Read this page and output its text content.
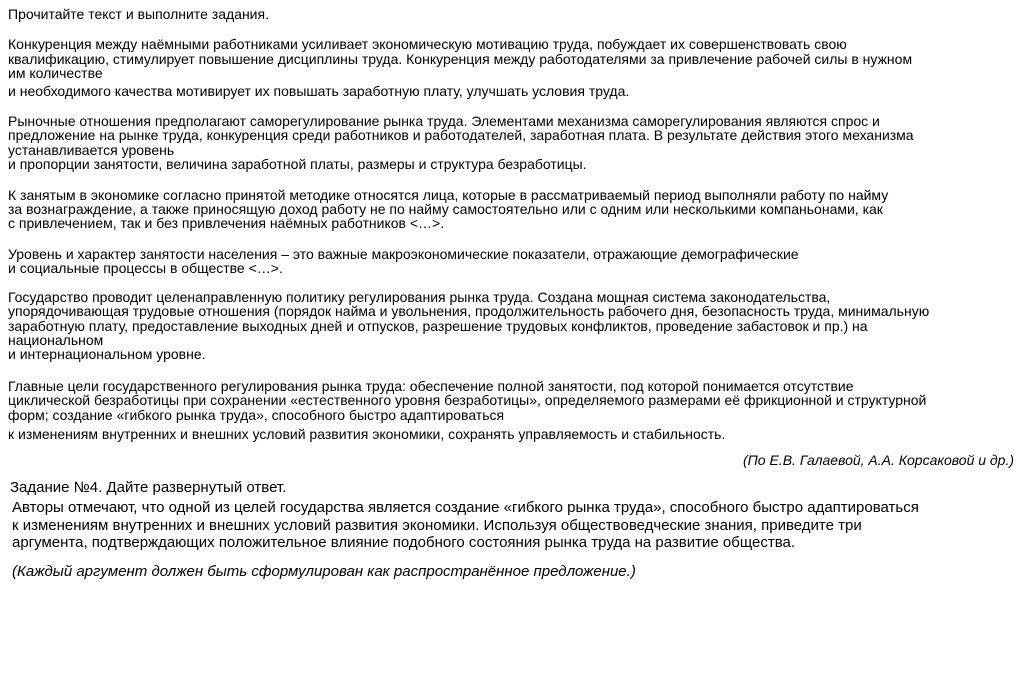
Прочитайте текст и выполните задания.
Конкуренция между наёмными работниками усиливает экономическую мотивацию труда, побуждает их совершенствовать свою
квалификацию, стимулирует повышение дисциплины труда. Конкуренция между работодателями за привлечение рабочей силы в нужном
им количестве
и необходимого качества мотивирует их повышать заработную плату, улучшать условия труда.
Рыночные отношения предполагают саморегулирование рынка труда. Элементами механизма саморегулирования являются спрос и
предложение на рынке труда, конкуренция среди работников и работодателей, заработная плата. В результате действия этого механизма
устанавливается уровень
и пропорции занятости, величина заработной платы, размеры и структура безработицы.
К занятым в экономике согласно принятой методике относятся лица, которые в рассматриваемый период выполняли работу по найму
за вознаграждение, а также приносящую доход работу не по найму самостоятельно или с одним или несколькими компаньонами, как
с привлечением, так и без привлечения наёмных работников <…>.
Уровень и характер занятости населения – это важные макроэкономические показатели, отражающие демографические
и социальные процессы в обществе <…>.
Государство проводит целенаправленную политику регулирования рынка труда. Создана мощная система законодательства,
упорядочивающая трудовые отношения (порядок найма и увольнения, продолжительность рабочего дня, безопасность труда, минимальную
заработную плату, предоставление выходных дней и отпусков, разрешение трудовых конфликтов, проведение забастовок и пр.) на
национальном
и интернациональном уровне.
Главные цели государственного регулирования рынка труда: обеспечение полной занятости, под которой понимается отсутствие
циклической безработицы при сохранении «естественного уровня безработицы», определяемого размерами её фрикционной и структурной
форм; создание «гибкого рынка труда», способного быстро адаптироваться
к изменениям внутренних и внешних условий развития экономики, сохранять управляемость и стабильность.
(По Е.В. Галаевой, А.А. Корсаковой и др.)
Задание №4. Дайте развернутый ответ.
Авторы отмечают, что одной из целей государства является создание «гибкого рынка труда», способного быстро адаптироваться
к изменениям внутренних и внешних условий развития экономики. Используя обществоведческие знания, приведите три
аргумента, подтверждающих положительное влияние подобного состояния рынка труда на развитие общества.
(Каждый аргумент должен быть сформулирован как распространённое предложение.)
